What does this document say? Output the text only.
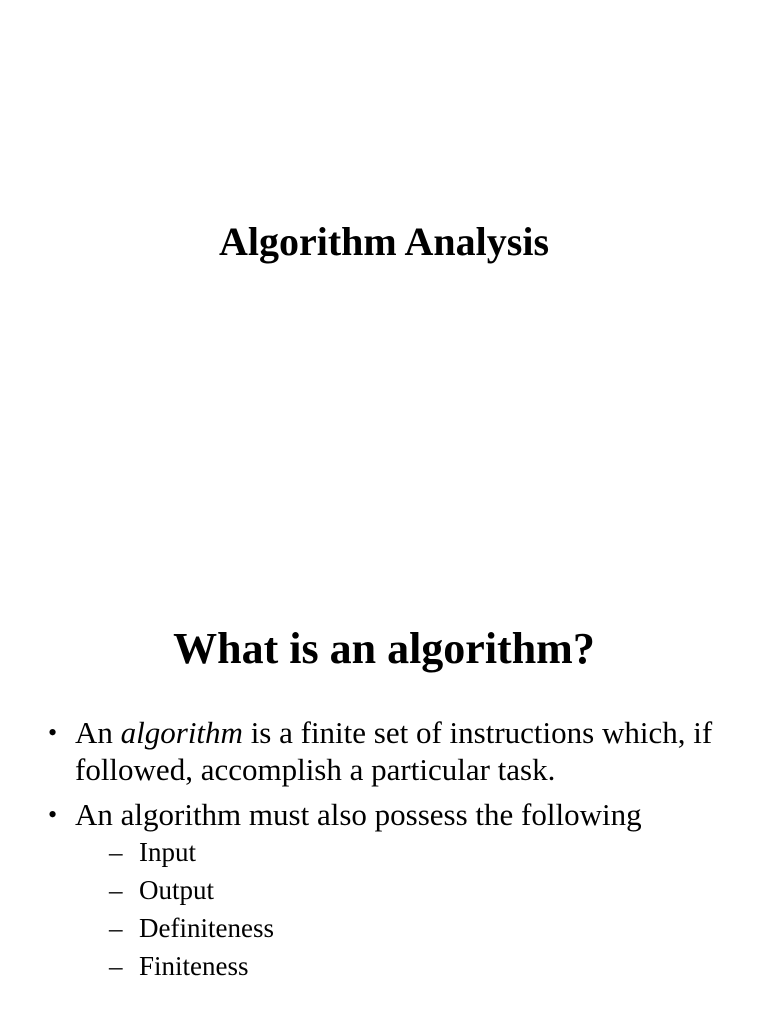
Algorithm Analysis
What is an algorithm?
• An algorithm is a finite set of instructions which, if followed, accomplish a particular task.
• An algorithm must also possess the following
– Input
– Output
– Definiteness
– Finiteness
